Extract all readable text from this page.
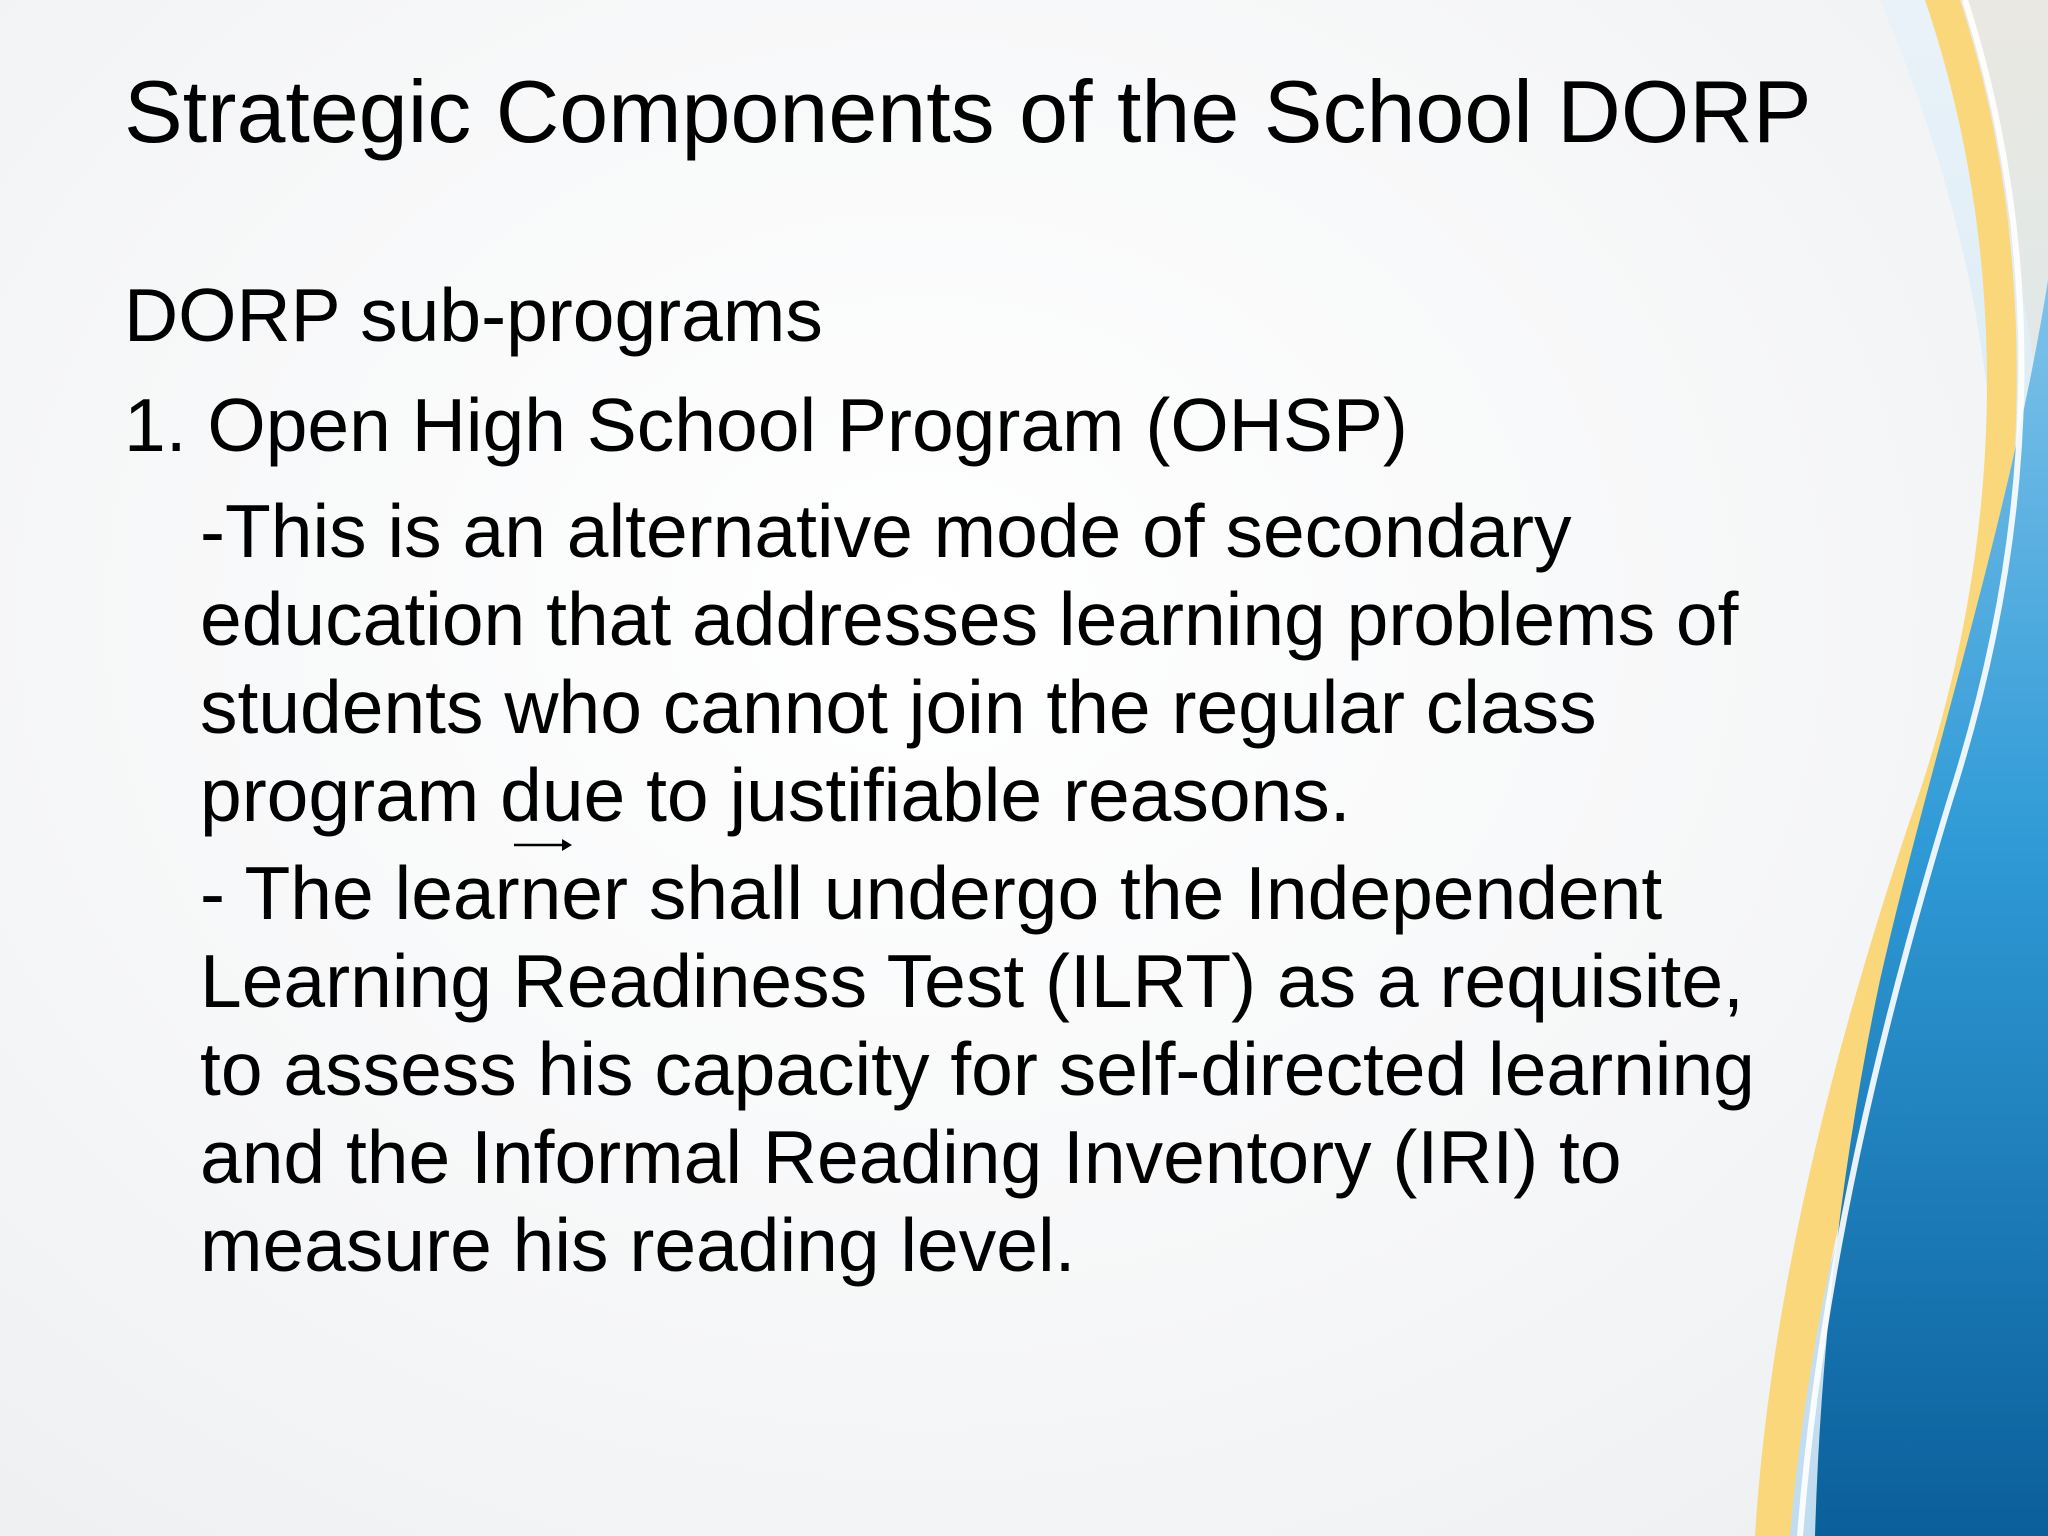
Strategic Components of the School DORP

DORP sub-programs

1. Open High School Program (OHSP)

-This is an alternative mode of secondary
education that addresses learning problems of
students who cannot join the regular class
program due to justifiable reasons.

- The learner shall undergo the Independent
Learning Readiness Test (ILRT) as a requisite,
to assess his capacity for self-directed learning
and the Informal Reading Inventory (IRI) to
measure his reading level.
